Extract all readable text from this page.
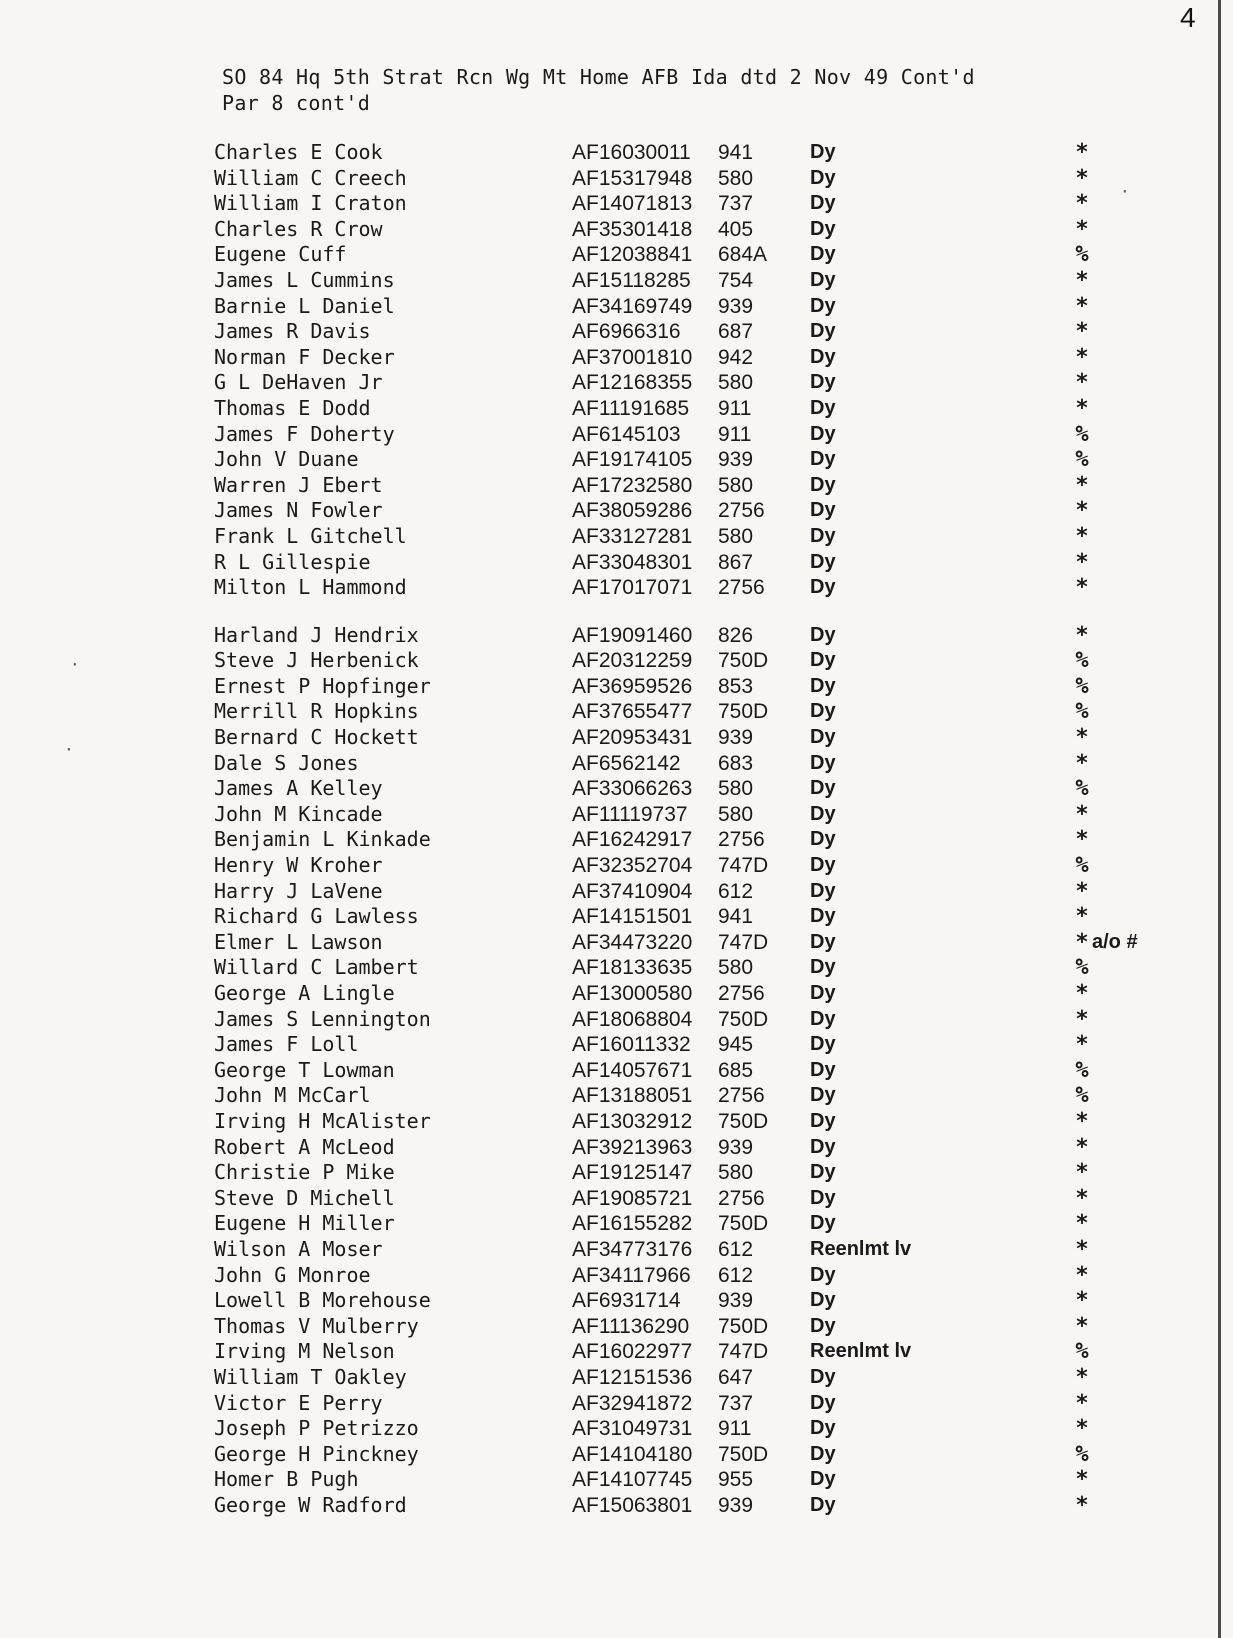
4
SO 84 Hq 5th Strat Rcn Wg Mt Home AFB Ida dtd 2 Nov 49 Cont'd
Par 8 cont'd
Charles E Cook	AF16030011 941	Dy	*
William C Creech	AF15317948 580	Dy	*
William I Craton	AF14071813 737	Dy	*
Charles R Crow	AF35301418 405	Dy	*
Eugene Cuff	AF12038841 684A Dy	%
James L Cummins	AF15118285 754	Dy	*
Barnie L Daniel	AF34169749 939	Dy	*
James R Davis	AF6966316 687	Dy	*
Norman F Decker	AF37001810 942	Dy	*
G L DeHaven Jr	AF12168355 580	Dy	*
Thomas E Dodd	AF11191685 911	Dy	*
James F Doherty	AF6145103 911	Dy	%
John V Duane	AF19174105 939	Dy	%
Warren J Ebert	AF17232580 580	Dy	*
James N Fowler	AF38059286 2756 Dy	*
Frank L Gitchell	AF33127281 580	Dy	*
R L Gillespie	AF33048301 867	Dy	*
Milton L Hammond	AF17017071 2756 Dy	*
Harland J Hendrix	AF19091460 826	Dy	*
Steve J Herbenick	AF20312259 750D Dy	%
Ernest P Hopfinger	AF36959526 853	Dy	%
Merrill R Hopkins	AF37655477 750D Dy	%
Bernard C Hockett	AF20953431 939	Dy	*
Dale S Jones	AF6562142 683	Dy	*
James A Kelley	AF33066263 580	Dy	%
John M Kincade	AF11119737 580	Dy	*
Benjamin L Kinkade	AF16242917 2756 Dy	*
Henry W Kroher	AF32352704 747D Dy	%
Harry J LaVene	AF37410904 612	Dy	*
Richard G Lawless	AF14151501 941	Dy	*
Elmer L Lawson	AF34473220 747D Dy	* a/o #
Willard C Lambert	AF18133635 580	Dy	%
George A Lingle	AF13000580 2756 Dy	*
James S Lennington	AF18068804 750D Dy	*
James F Loll	AF16011332 945	Dy	*
George T Lowman	AF14057671 685	Dy	%
John M McCarl	AF13188051 2756 Dy	%
Irving H McAlister	AF13032912 750D Dy	*
Robert A McLeod	AF39213963 939	Dy	*
Christie P Mike	AF19125147 580	Dy	*
Steve D Michell	AF19085721 2756 Dy	*
Eugene H Miller	AF16155282 750D Dy	*
Wilson A Moser	AF34773176 612	Reenlmt lv	*
John G Monroe	AF34117966 612	Dy	*
Lowell B Morehouse	AF6931714 939	Dy	*
Thomas V Mulberry	AF11136290 750D Dy	*
Irving M Nelson	AF16022977 747D Reenlmt lv	%
William T Oakley	AF12151536 647	Dy	*
Victor E Perry	AF32941872 737	Dy	*
Joseph P Petrizzo	AF31049731 911	Dy	*
George H Pinckney	AF14104180 750D Dy	%
Homer B Pugh	AF14107745 955	Dy	*
George W Radford	AF15063801 939	Dy	*
·
·
·
